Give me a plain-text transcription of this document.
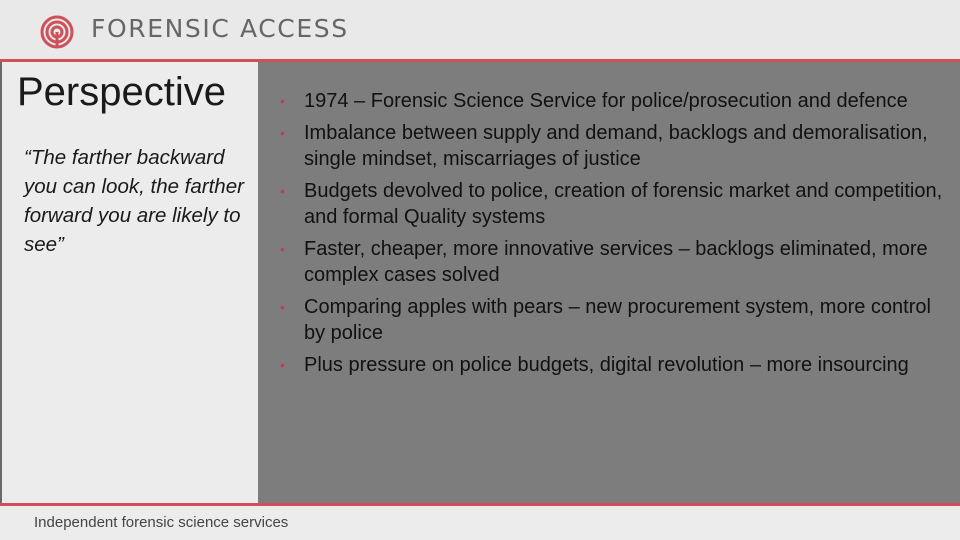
FORENSIC ACCESS
Perspective
“The farther backward you can look, the farther forward you are likely to see”
• 1974 – Forensic Science Service for police/prosecution and defence
• Imbalance between supply and demand, backlogs and demoralisation, single mindset, miscarriages of justice
• Budgets devolved to police, creation of forensic market and competition, and formal Quality systems
• Faster, cheaper, more innovative services – backlogs eliminated, more complex cases solved
• Comparing apples with pears – new procurement system, more control by police
• Plus pressure on police budgets, digital revolution – more insourcing
Independent forensic science services
